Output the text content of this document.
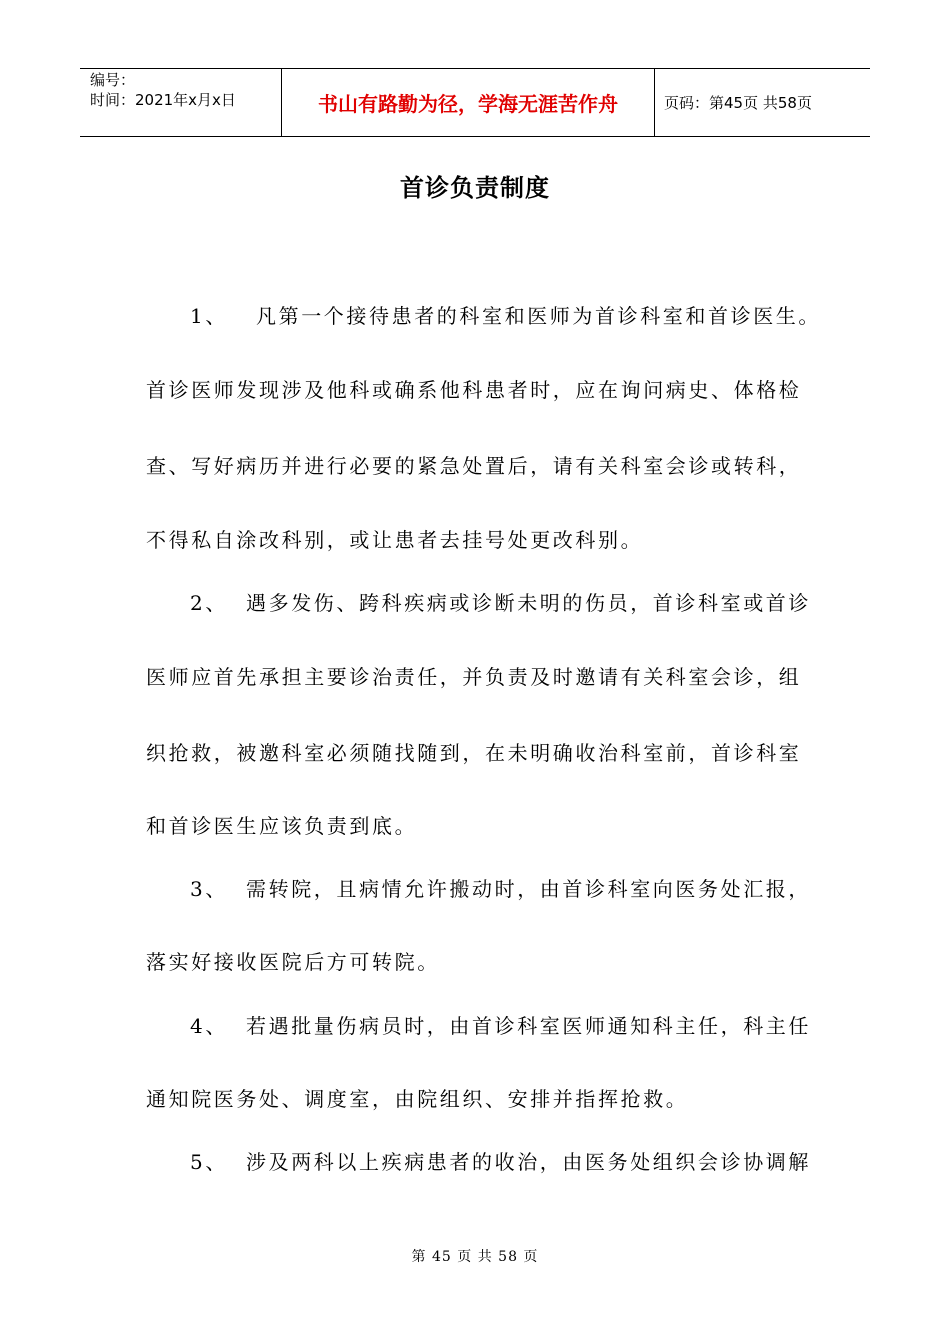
编号：
时间：2021年x月x日	书山有路勤为径，学海无涯苦作舟	页码：第45页 共58页
首诊负责制度
1、 凡第一个接待患者的科室和医师为首诊科室和首诊医生。
首诊医师发现涉及他科或确系他科患者时，应在询问病史、体格检
查、写好病历并进行必要的紧急处置后，请有关科室会诊或转科，
不得私自涂改科别，或让患者去挂号处更改科别。
2、 遇多发伤、跨科疾病或诊断未明的伤员，首诊科室或首诊
医师应首先承担主要诊治责任，并负责及时邀请有关科室会诊，组
织抢救，被邀科室必须随找随到，在未明确收治科室前，首诊科室
和首诊医生应该负责到底。
3、 需转院，且病情允许搬动时，由首诊科室向医务处汇报，
落实好接收医院后方可转院。
4、 若遇批量伤病员时，由首诊科室医师通知科主任，科主任
通知院医务处、调度室，由院组织、安排并指挥抢救。
5、 涉及两科以上疾病患者的收治，由医务处组织会诊协调解
第 45 页 共 58 页
